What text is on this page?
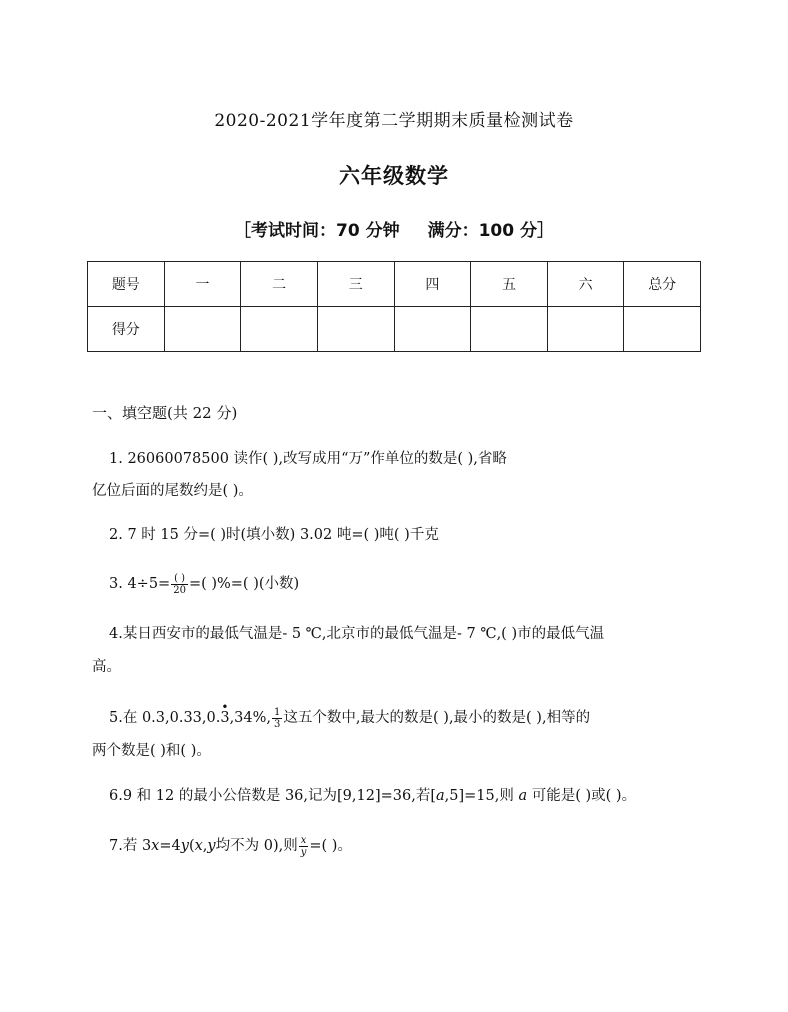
2020-2021学年度第二学期期末质量检测试卷
六年级数学
［考试时间：70 分钟 满分：100 分］
题号	一	二	三	四	五	六	总分
得分							
一、填空题(共 22 分)
1. 26060078500 读作( ),改写成用“万”作单位的数是( ),省略
亿位后面的尾数约是( )。
2. 7 时 15 分=( )时(填小数) 3.02 吨=( )吨( )千克
3. $4\div 5= \frac{( )}{20}$ =( )%=( )(小数)
4.某日西安市的最低气温是- 5 ℃,北京市的最低气温是- 7 ℃,( )市的最低气温
高。
5.在 0.3,0.33,0.
•
3,34%, $\frac{1}{3}$ 这五个数中,最大的数是( ),最小的数是( ),相等的
两个数是( )和( )。
6.9 和 12 的最小公倍数是 36,记为[9,12]=36,若[a,5]=15,则 a 可能是( )或( )。
7.若 3x=4y(x,y均不为 0),则 $\frac{x}{y}$ =( )。
